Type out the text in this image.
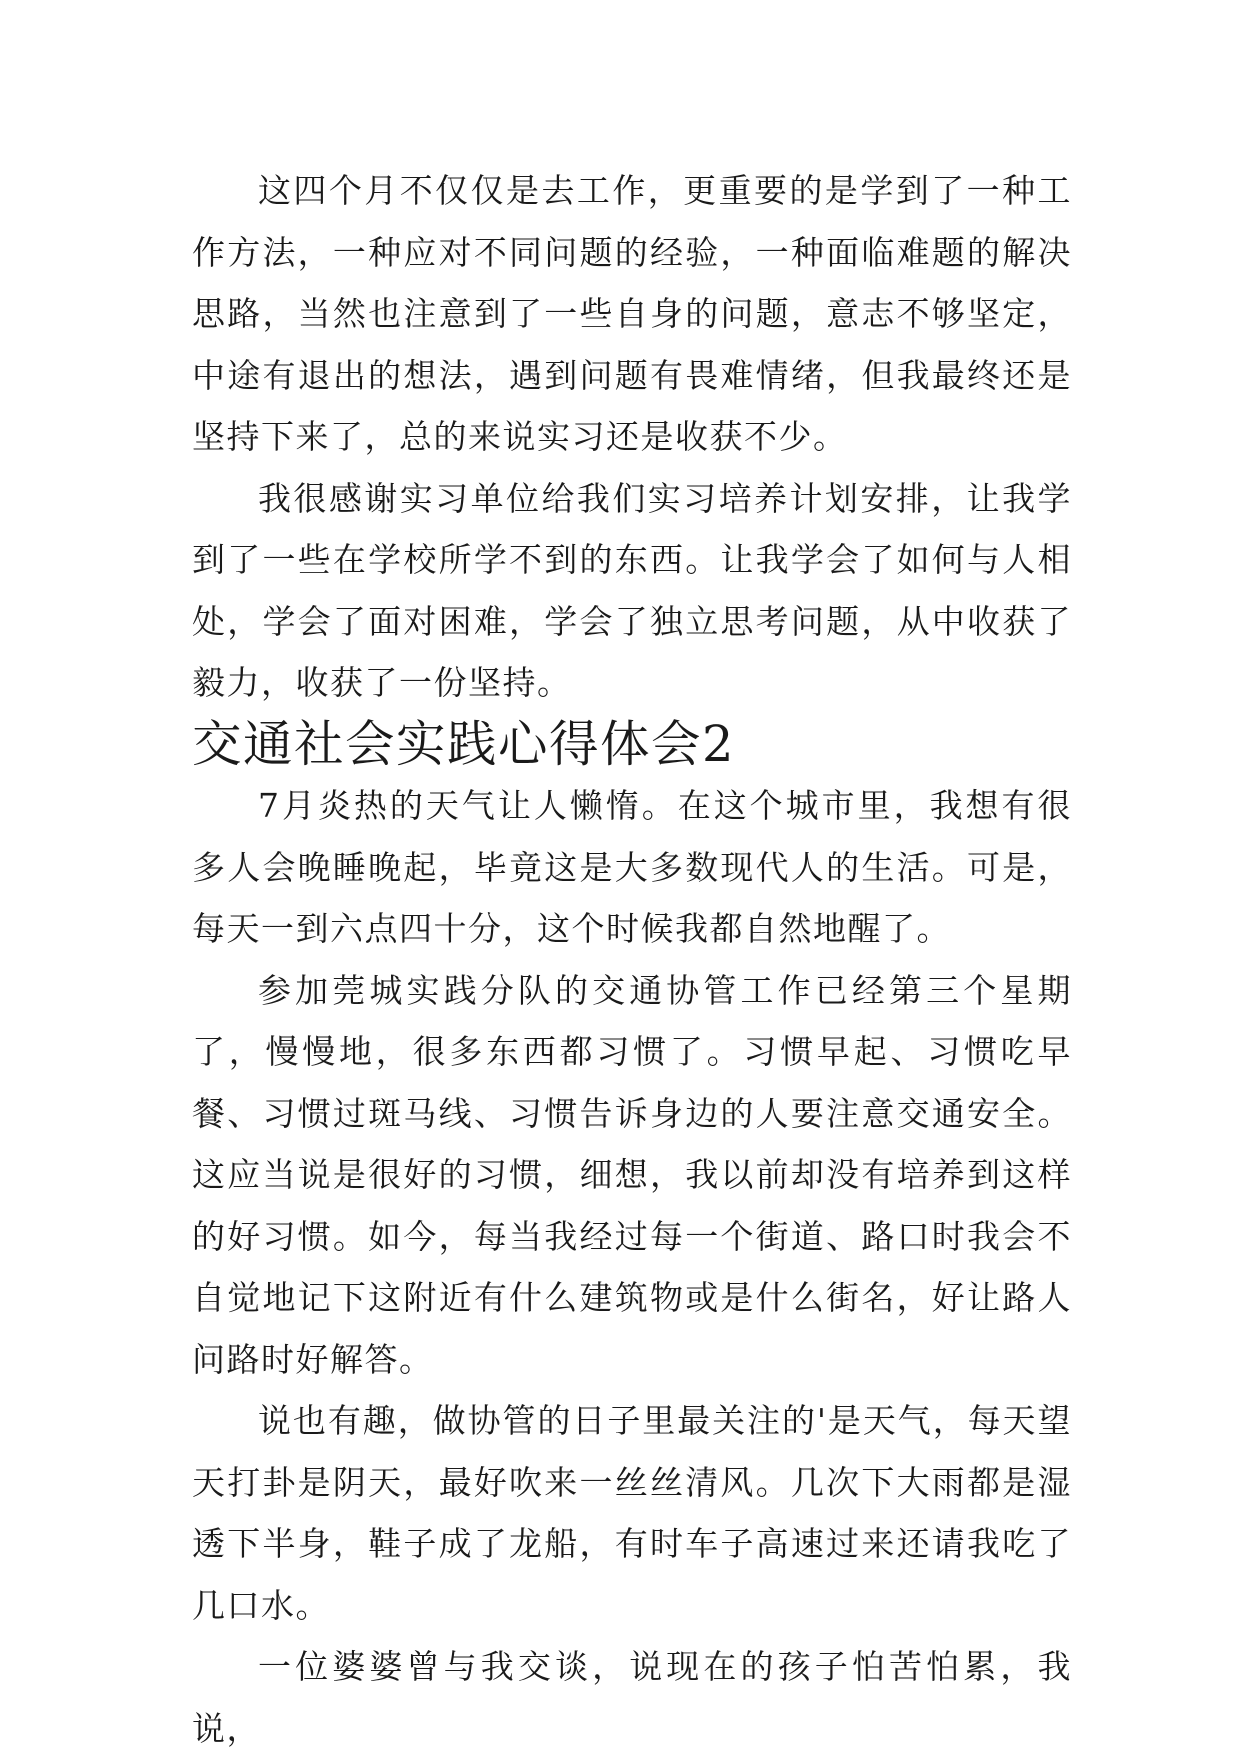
这四个月不仅仅是去工作，更重要的是学到了一种工作方法，一种应对不同问题的经验，一种面临难题的解决思路，当然也注意到了一些自身的问题，意志不够坚定，中途有退出的想法，遇到问题有畏难情绪，但我最终还是坚持下来了，总的来说实习还是收获不少。

我很感谢实习单位给我们实习培养计划安排，让我学到了一些在学校所学不到的东西。让我学会了如何与人相处，学会了面对困难，学会了独立思考问题，从中收获了毅力，收获了一份坚持。

交通社会实践心得体会2

7月炎热的天气让人懒惰。在这个城市里，我想有很多人会晚睡晚起，毕竟这是大多数现代人的生活。可是，每天一到六点四十分，这个时候我都自然地醒了。

参加莞城实践分队的交通协管工作已经第三个星期了，慢慢地，很多东西都习惯了。习惯早起、习惯吃早餐、习惯过斑马线、习惯告诉身边的人要注意交通安全。这应当说是很好的习惯，细想，我以前却没有培养到这样的好习惯。如今，每当我经过每一个街道、路口时我会不自觉地记下这附近有什么建筑物或是什么街名，好让路人问路时好解答。

说也有趣，做协管的日子里最关注的'是天气，每天望天打卦是阴天，最好吹来一丝丝清风。几次下大雨都是湿透下半身，鞋子成了龙船，有时车子高速过来还请我吃了几口水。

一位婆婆曾与我交谈，说现在的孩子怕苦怕累，我说，
